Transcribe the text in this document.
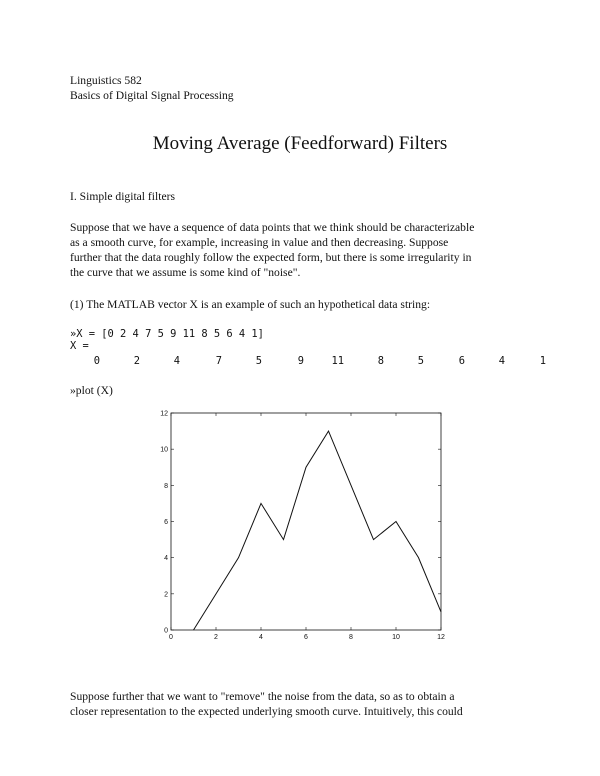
Linguistics 582
Basics of Digital Signal Processing
Moving Average (Feedforward) Filters
I. Simple digital filters
Suppose that we have a sequence of data points that we think should be characterizable
as a smooth curve, for example, increasing in value and then decreasing. Suppose
further that the data roughly follow the expected form, but there is some irregularity in
the curve that we assume is some kind of "noise".
(1) The MATLAB vector X is an example of such an hypothetical data string:
»X = [0 2 4 7 5 9 11 8 5 6 4 1]
X =
0	2	4	7	5	9	11	8	5	6	4	1
»plot (X)
0	2	4	6	8	10	12
0
2
4
6
8
10
12
Suppose further that we want to "remove" the noise from the data, so as to obtain a
closer representation to the expected underlying smooth curve. Intuitively, this could
